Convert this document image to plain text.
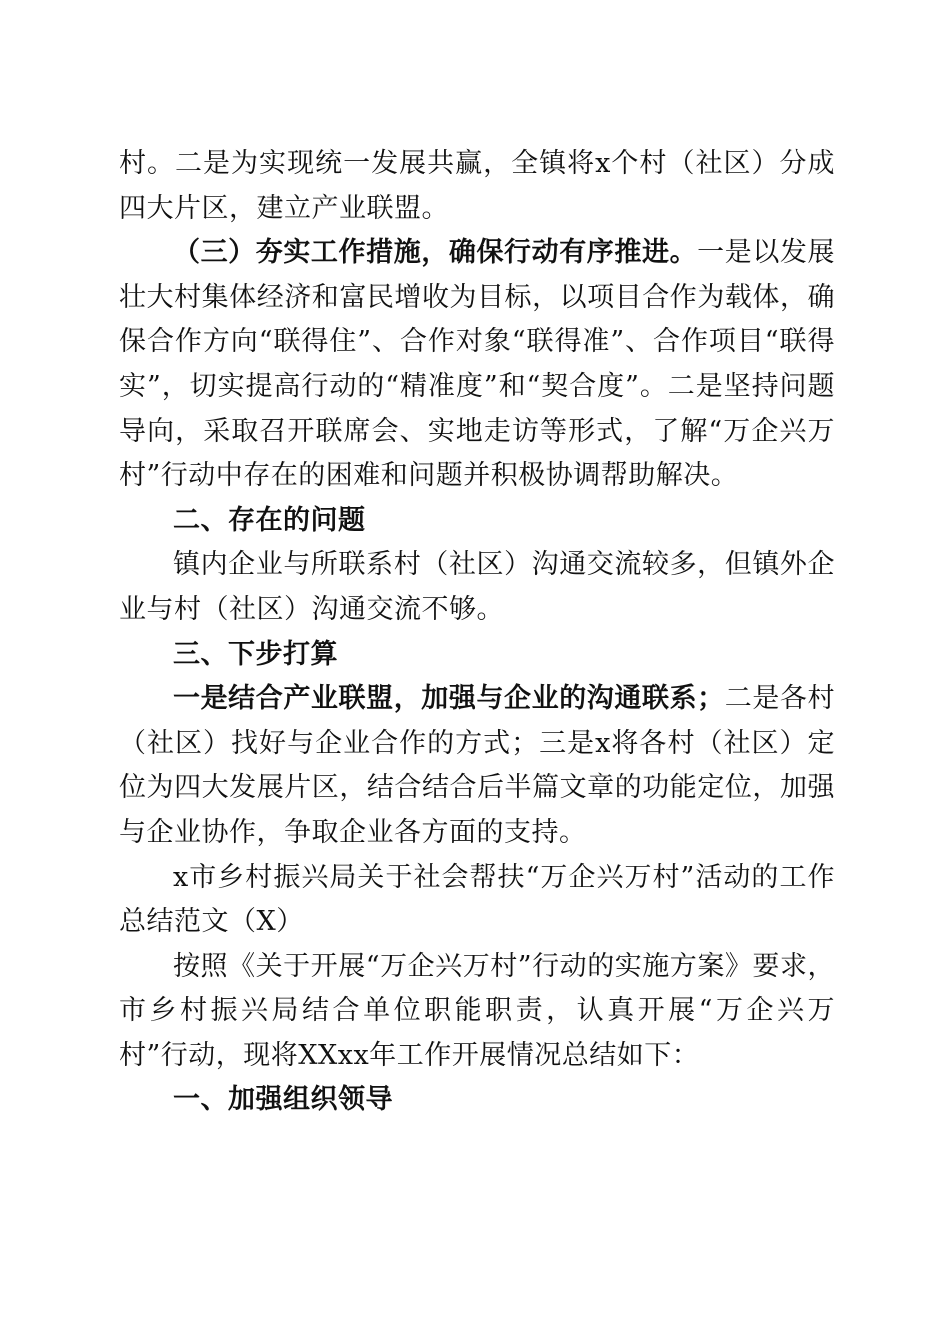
村。二是为实现统一发展共赢，全镇将x个村（社区）分成四大片区，建立产业联盟。

（三）夯实工作措施，确保行动有序推进。一是以发展壮大村集体经济和富民增收为目标，以项目合作为载体，确保合作方向“联得住”、合作对象“联得准”、合作项目“联得实”，切实提高行动的“精准度”和“契合度”。二是坚持问题导向，采取召开联席会、实地走访等形式，了解“万企兴万村”行动中存在的困难和问题并积极协调帮助解决。

二、存在的问题

镇内企业与所联系村（社区）沟通交流较多，但镇外企业与村（社区）沟通交流不够。

三、下步打算

一是结合产业联盟，加强与企业的沟通联系；二是各村（社区）找好与企业合作的方式；三是x将各村（社区）定位为四大发展片区，结合结合后半篇文章的功能定位，加强与企业协作，争取企业各方面的支持。

x市乡村振兴局关于社会帮扶“万企兴万村”活动的工作总结范文（X）

按照《关于开展“万企兴万村”行动的实施方案》要求，市乡村振兴局结合单位职能职责，认真开展“万企兴万村”行动，现将XXxx年工作开展情况总结如下：

一、加强组织领导
